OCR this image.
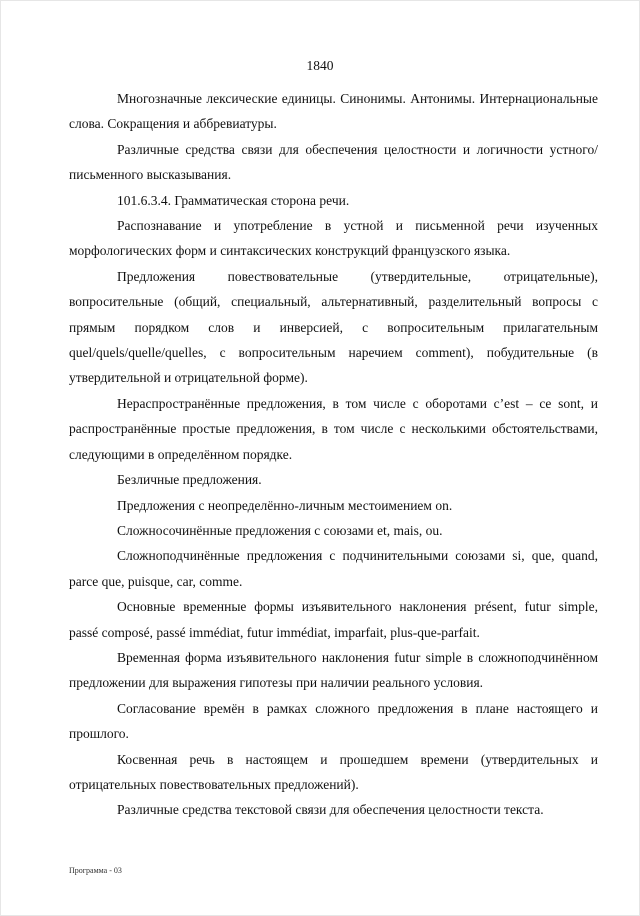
1840

Многозначные лексические единицы. Синонимы. Антонимы. Интернациональные слова. Сокращения и аббревиатуры.

Различные средства связи для обеспечения целостности и логичности устного/письменного высказывания.

101.6.3.4. Грамматическая сторона речи.

Распознавание и употребление в устной и письменной речи изученных морфологических форм и синтаксических конструкций французского языка.

Предложения повествовательные (утвердительные, отрицательные), вопросительные (общий, специальный, альтернативный, разделительный вопросы с прямым порядком слов и инверсией, с вопросительным прилагательным quel/quels/quelle/quelles, с вопросительным наречием comment), побудительные (в утвердительной и отрицательной форме).

Нераспространённые предложения, в том числе с оборотами c’est – ce sont, и распространённые простые предложения, в том числе с несколькими обстоятельствами, следующими в определённом порядке.

Безличные предложения.

Предложения с неопределённо-личным местоимением on.

Сложносочинённые предложения с союзами et, mais, ou.

Сложноподчинённые предложения с подчинительными союзами si, que, quand, parce que, puisque, car, comme.

Основные временные формы изъявительного наклонения présent, futur simple, passé composé, passé immédiat, futur immédiat, imparfait, plus-que-parfait.

Временная форма изъявительного наклонения futur simple в сложноподчинённом предложении для выражения гипотезы при наличии реального условия.

Согласование времён в рамках сложного предложения в плане настоящего и прошлого.

Косвенная речь в настоящем и прошедшем времени (утвердительных и отрицательных повествовательных предложений).

Различные средства текстовой связи для обеспечения целостности текста.

Программа - 03
